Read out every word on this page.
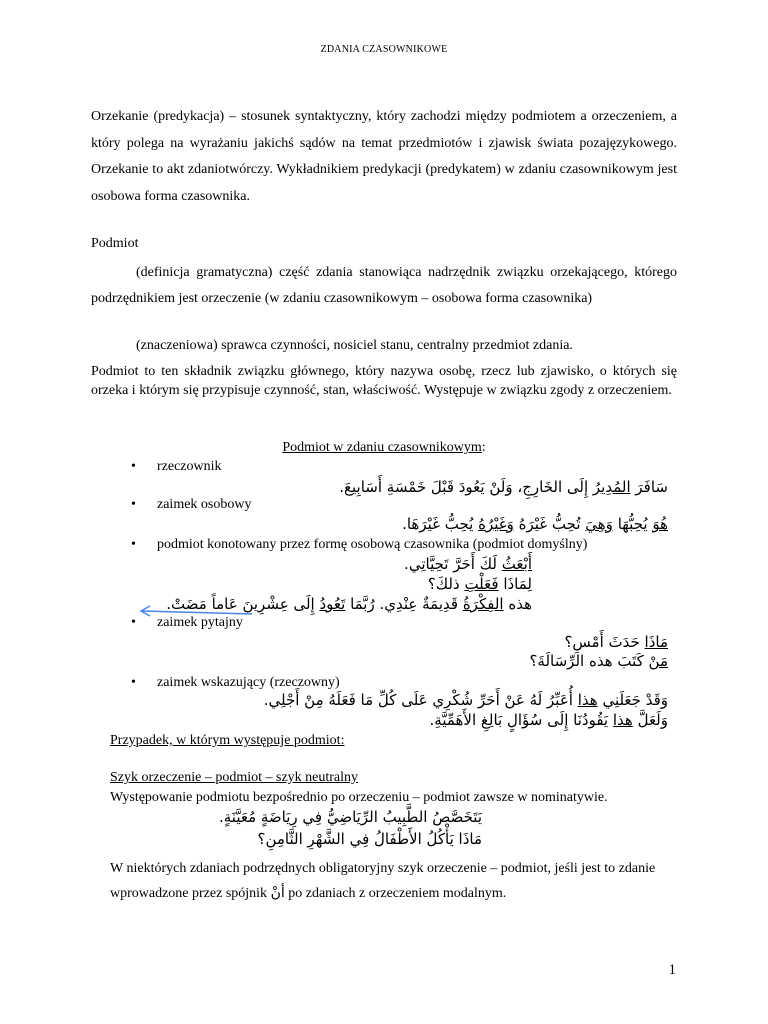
ZDANIA CZASOWNIKOWE

Orzekanie (predykacja) – stosunek syntaktyczny, który zachodzi między podmiotem a orzeczeniem, a który polega na wyrażaniu jakichś sądów na temat przedmiotów i zjawisk świata pozajęzykowego. Orzekanie to akt zdaniotwórczy. Wykładnikiem predykacji (predykatem) w zdaniu czasownikowym jest osobowa forma czasownika.

Podmiot

(definicja gramatyczna) część zdania stanowiąca nadrzędnik związku orzekającego, którego podrzędnikiem jest orzeczenie (w zdaniu czasownikowym – osobowa forma czasownika)

(znaczeniowa) sprawca czynności, nosiciel stanu, centralny przedmiot zdania.

Podmiot to ten składnik związku głównego, który nazywa osobę, rzecz lub zjawisko, o których się orzeka i którym się przypisuje czynność, stan, właściwość. Występuje w związku zgody z orzeczeniem.

Podmiot w zdaniu czasownikowym:
• rzeczownik
سَافَرَ المُدِيرُ إِلَى الخَارِجِ، وَلَنْ يَعُودَ قَبْلَ خَمْسَةِ أَسَابِيعَ.
• zaimek osobowy
هُوَ يُحِبُّهَا وَهِيَ تُحِبُّ غَيْرَهُ وَغَيْرُهُ يُحِبُّ غَيْرَهَا.
• podmiot konotowany przez formę osobową czasownika (podmiot domyślny)
أَبْعَثُ لَكَ أَحَرَّ تَحِيَّاتِي.
لِمَاذَا فَعَلْتِ ذلكَ؟
هذه الفِكْرَةُ قَدِيمَةٌ عِنْدِي. رُبَّمَا تَعُودُ إِلَى عِشْرِينَ عَاماً مَضَتْ.
• zaimek pytajny
مَاذَا حَدَثَ أَمْسِ؟
مَنْ كَتَبَ هذه الرِّسَالَةَ؟
• zaimek wskazujący (rzeczowny)
وَقَدْ جَعَلَنِي هذا أُعَبِّرُ لَهُ عَنْ أَحَرِّ شُكْرِي عَلَى كُلِّ مَا فَعَلَهُ مِنْ أَجْلِي.
وَلَعَلَّ هذا يَقُودُنَا إِلَى سُؤَالٍ بَالِغِ الأَهَمِّيَّةِ.

Przypadek, w którym występuje podmiot:

Szyk orzeczenie – podmiot – szyk neutralny

Występowanie podmiotu bezpośrednio po orzeczeniu – podmiot zawsze w nominatywie.

يَتَخَصَّصُ الطَّبِيبُ الرِّيَاضِيُّ فِي رِيَاضَةٍ مُعَيَّنَةٍ.
مَاذَا يَأْكُلُ الأَطْفَالُ فِي الشَّهْرِ الثَّامِنِ؟

W niektórych zdaniach podrzędnych obligatoryjny szyk orzeczenie – podmiot, jeśli jest to zdanie wprowadzone przez spójnik أنْ po zdaniach z orzeczeniem modalnym.

1
